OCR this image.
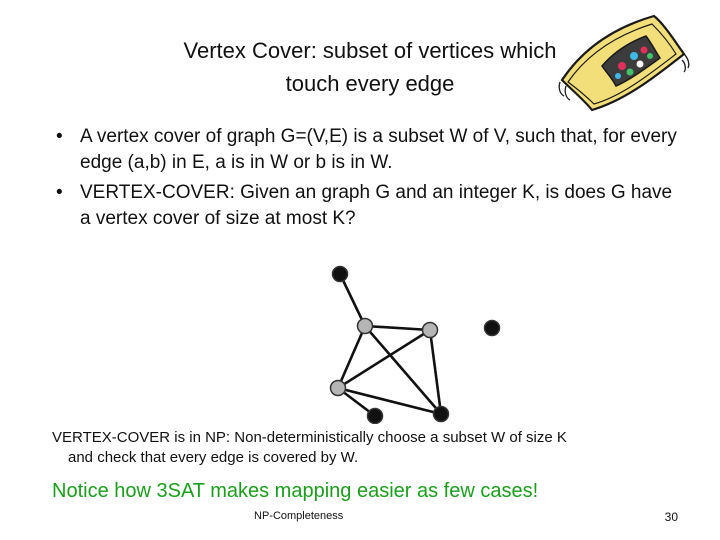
Vertex Cover: subset of vertices which
touch every edge
• A vertex cover of graph G=(V,E) is a subset W of V, such that, for every edge (a,b) in E, a is in W or b is in W.
• VERTEX-COVER: Given an graph G and an integer K, is does G have a vertex cover of size at most K?
VERTEX-COVER is in NP: Non-deterministically choose a subset W of size K
and check that every edge is covered by W.
Notice how 3SAT makes mapping easier as few cases!
NP-Completeness	30
